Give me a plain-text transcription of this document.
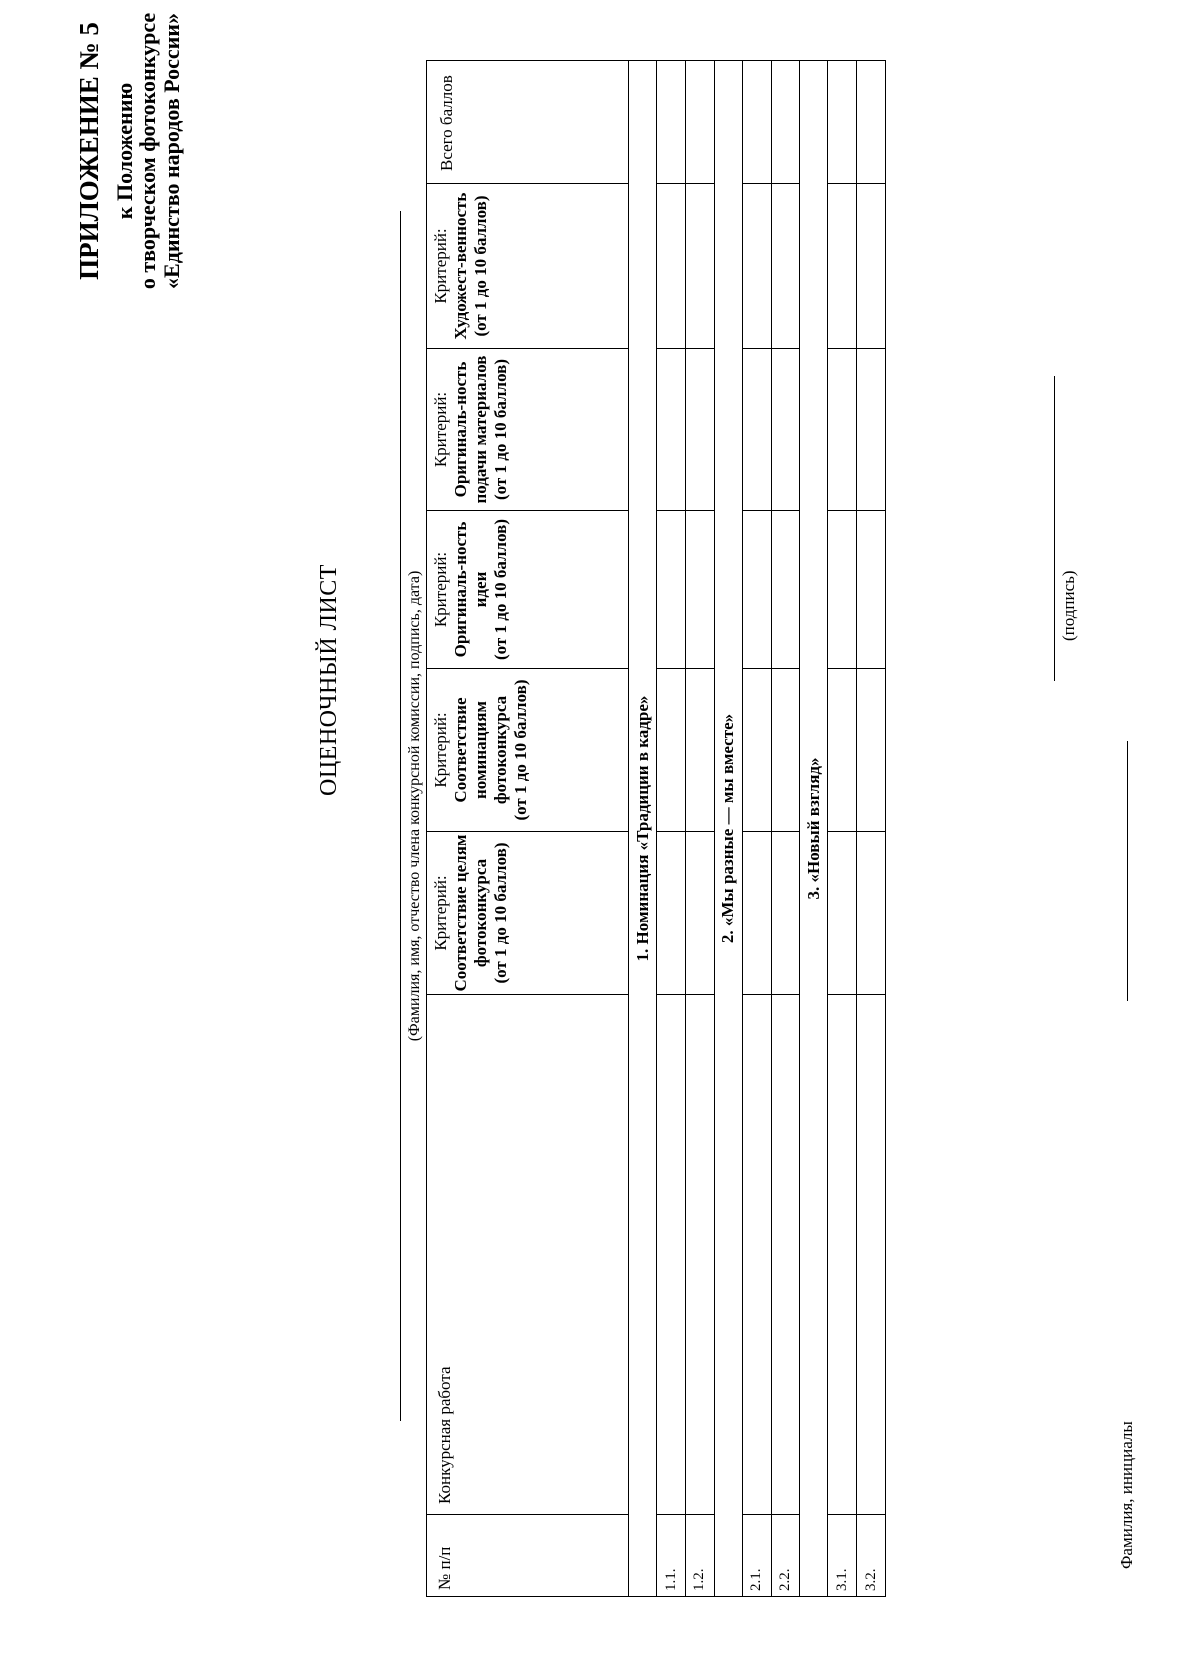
ПРИЛОЖЕНИЕ № 5 к Положению
о творческом фотоконкурсе
«Единство народов России»
ОЦЕНОЧНЫЙ ЛИСТ	(Фамилия, имя, отчество члена конкурсной комиссии, подпись, дата)
№ п/п	Конкурсная работа	Критерий: Соответствие целям фотоконкурса (от 1 до 10 баллов)	Критерий: Соответствие номинациям фотоконкурса (от 1 до 10 баллов)	Критерий: Оригиналь-ность идеи (от 1 до 10 баллов)	Критерий: Оригиналь-ность подачи материалов (от 1 до 10 баллов)	Критерий: Художест-венность (от 1 до 10 баллов)	Всего баллов
1. Номинация «Традиции в кадре»							
1.1.							
1.2.							
2. «Мы разные — мы вместе»							
2.1.							
2.2.							
3. «Новый взгляд»							
3.1.							
3.2.							
Фамилия, инициалы
(подпись)
